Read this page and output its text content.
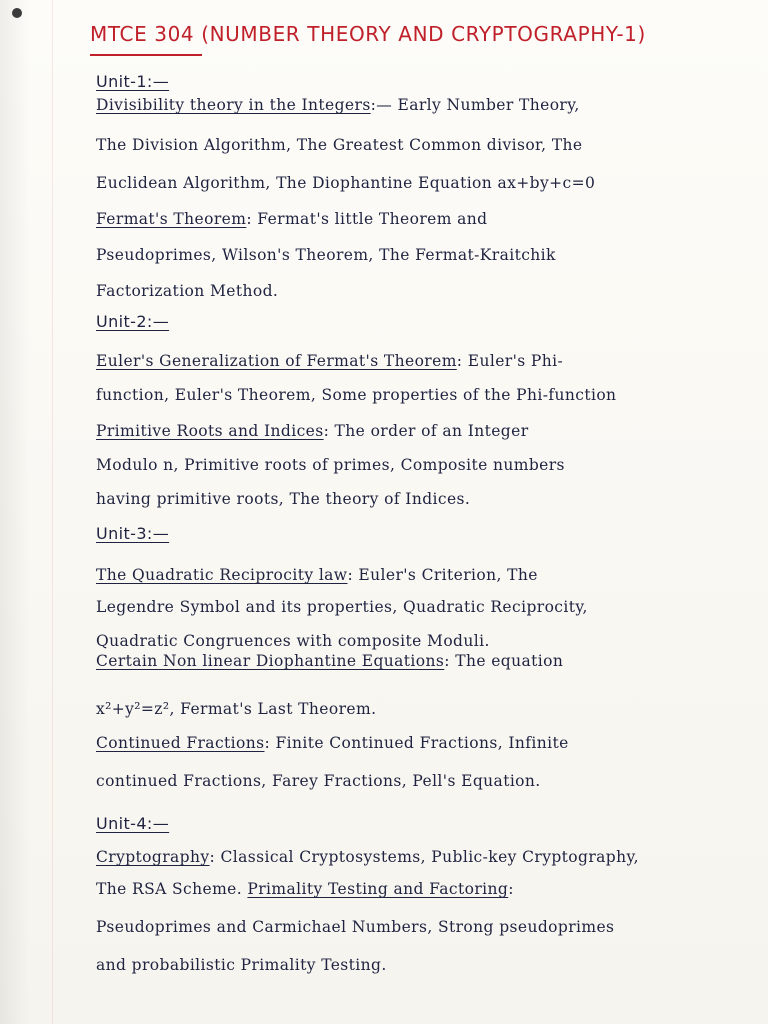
MTCE 304 (NUMBER THEORY AND CRYPTOGRAPHY-1)
Unit-1:—
Divisibility theory in the Integers:— Early Number Theory,
The Division Algorithm, The Greatest Common divisor, The
Euclidean Algorithm, The Diophantine Equation ax+by+c=0
Fermat's Theorem: Fermat's little Theorem and
Pseudoprimes, Wilson's Theorem, The Fermat-Kraitchik
Factorization Method.
Unit-2:—
Euler's Generalization of Fermat's Theorem: Euler's Phi-
function, Euler's Theorem, Some properties of the Phi-function
Primitive Roots and Indices: The order of an Integer
Modulo n, Primitive roots of primes, Composite numbers
having primitive roots, The theory of Indices.
Unit-3:—
The Quadratic Reciprocity law: Euler's Criterion, The
Legendre Symbol and its properties, Quadratic Reciprocity,
Quadratic Congruences with composite Moduli.
Certain Non linear Diophantine Equations: The equation
x²+y²=z², Fermat's Last Theorem.
Continued Fractions: Finite Continued Fractions, Infinite
continued Fractions, Farey Fractions, Pell's Equation.
Unit-4:—
Cryptography: Classical Cryptosystems, Public-key Cryptography,
The RSA Scheme. Primality Testing and Factoring:
Pseudoprimes and Carmichael Numbers, Strong pseudoprimes
and probabilistic Primality Testing.
